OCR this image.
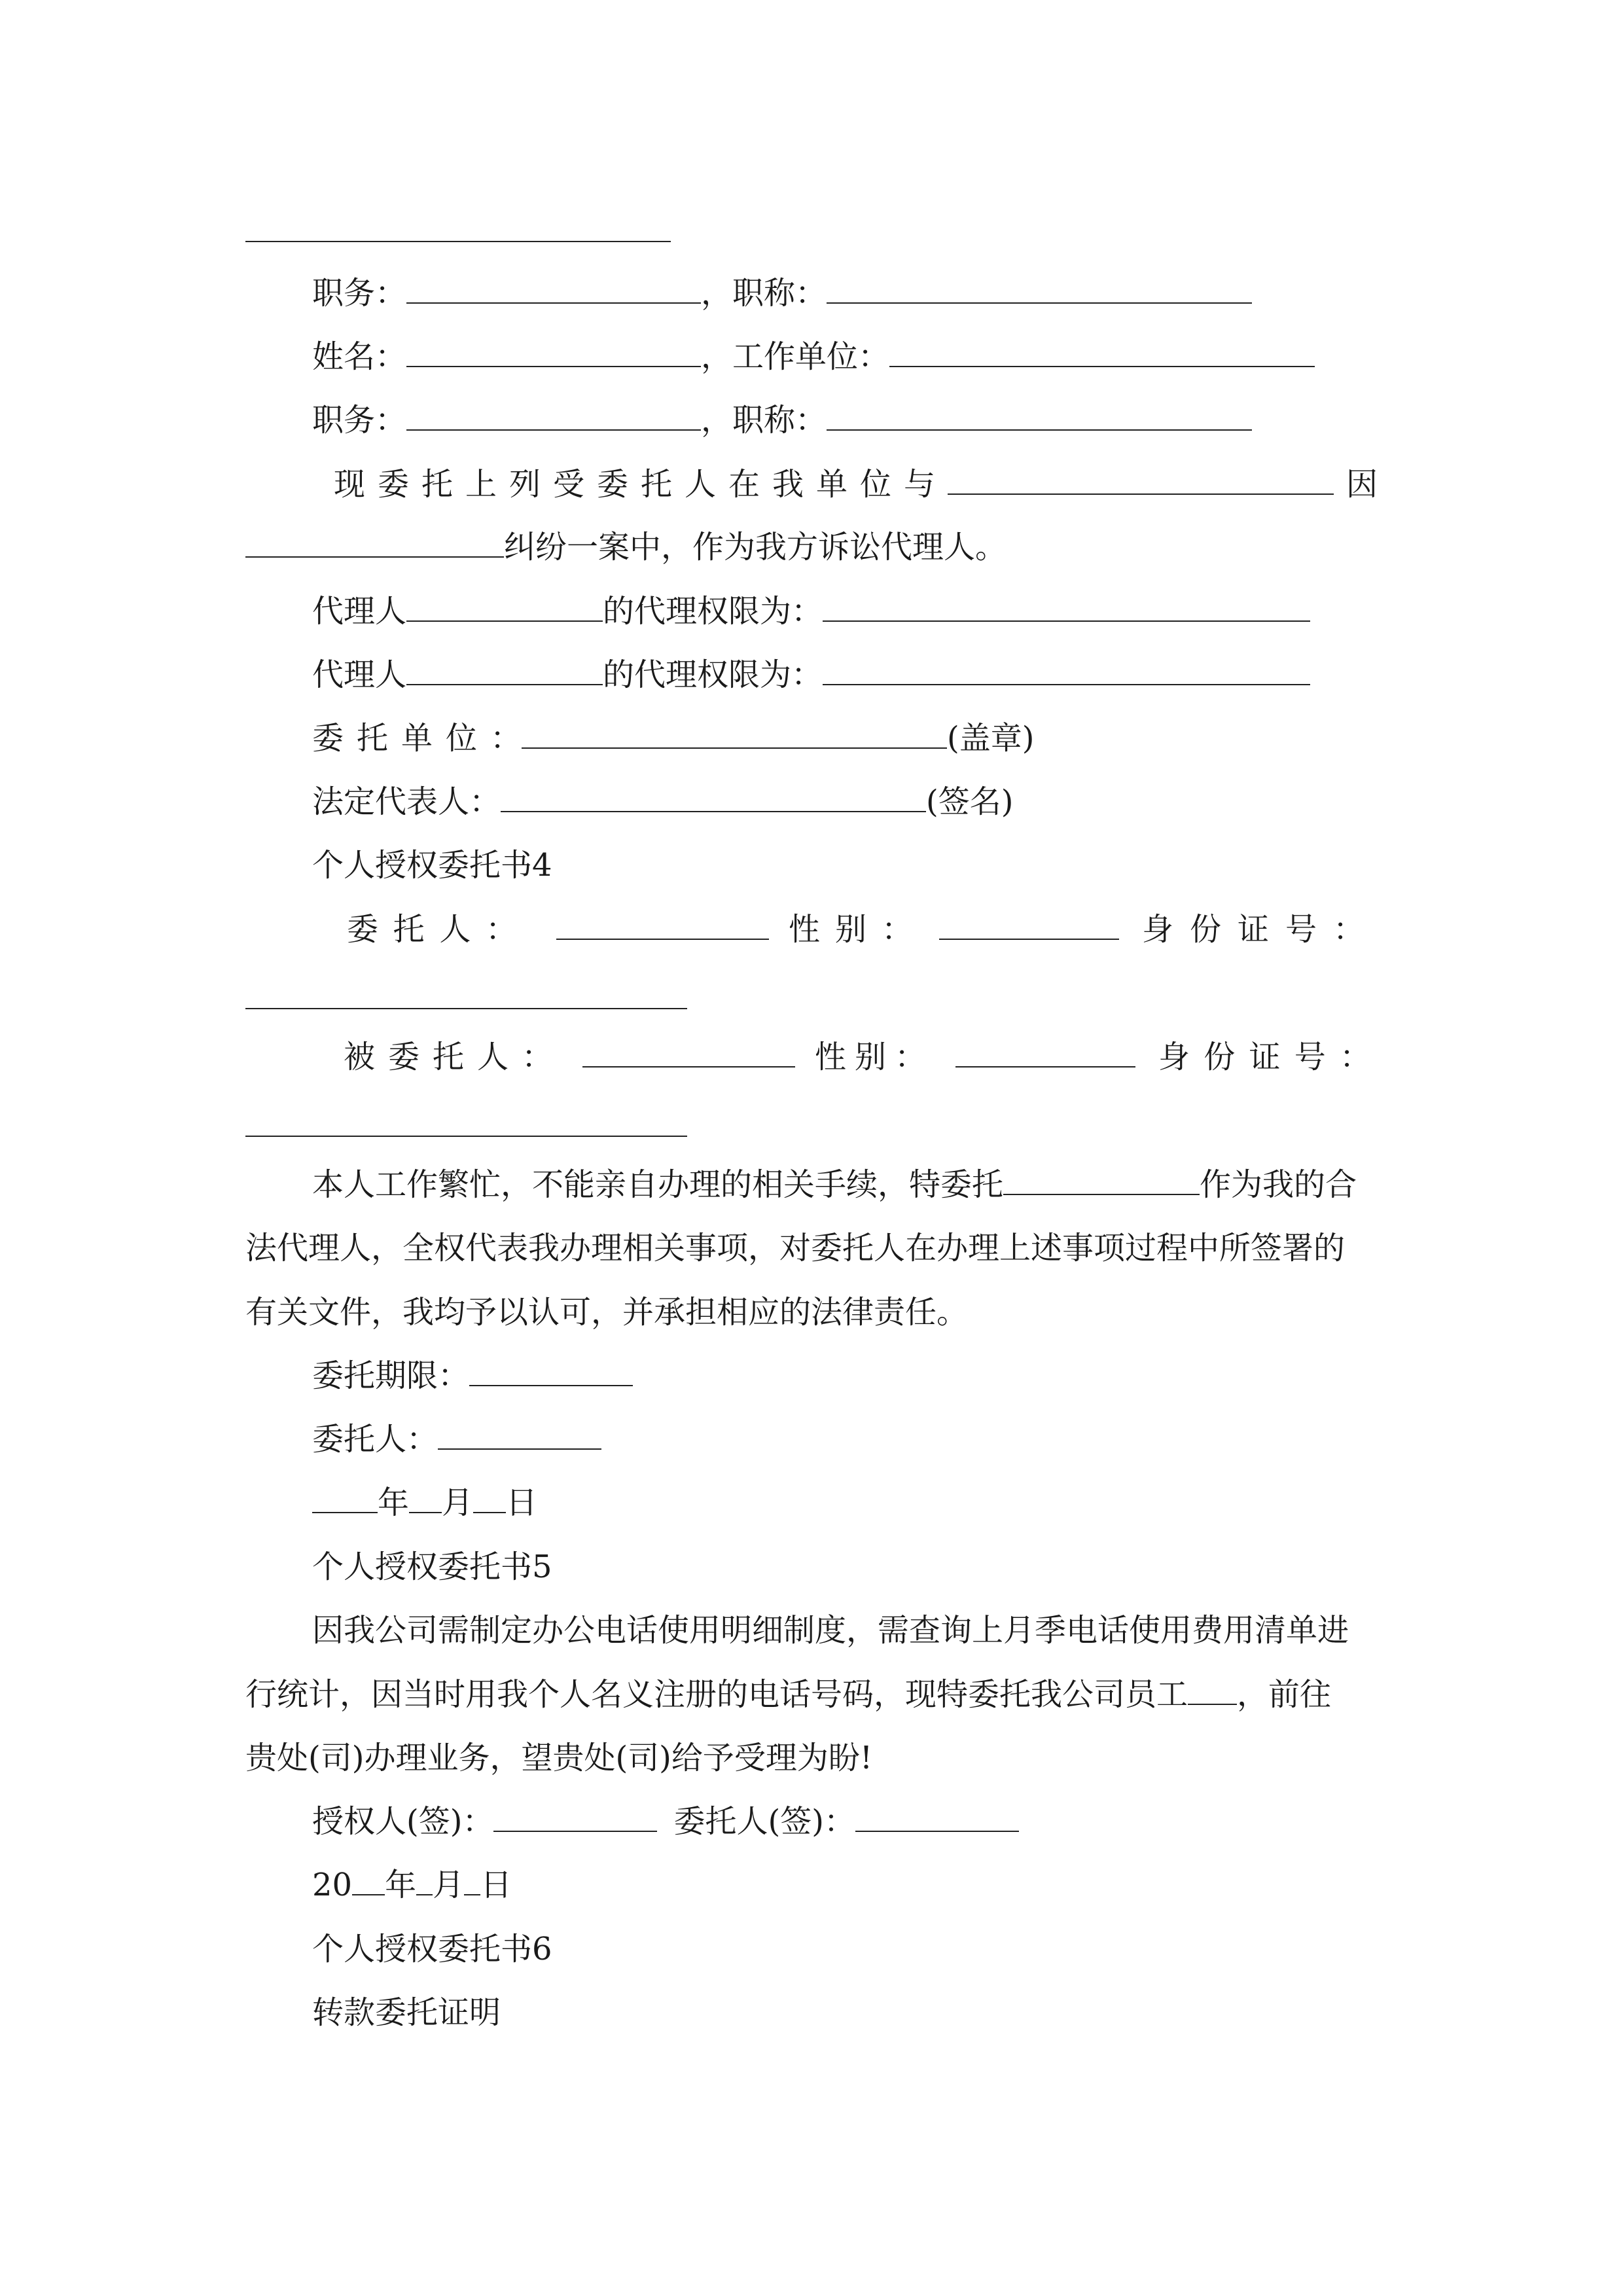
职务：	，职称：
姓名：	，工作单位：
职务：	，职称：
现 委 托 上 列 受 委 托 人 在 我 单 位 与	因
纠纷一案中，作为我方诉讼代理人。
代理人	的代理权限为：
代理人	的代理权限为：
委 托 单 位 ：	(盖章)
法定代表人：	(签名)
个人授权委托书4
委 托 人 ：	性 别 ：	身 份 证 号 ：
被 委 托 人 ：	性 别 ：	身 份 证 号 ：
本人工作繁忙，不能亲自办理的相关手续，特委托	作为我的合
法代理人，全权代表我办理相关事项，对委托人在办理上述事项过程中所签署的
有关文件，我均予以认可，并承担相应的法律责任。
委托期限：
委托人：
年 月 日
个人授权委托书5
因我公司需制定办公电话使用明细制度，需查询上月季电话使用费用清单进
行统计，因当时用我个人名义注册的电话号码，现特委托我公司员工 ，前往
贵处(司)办理业务，望贵处(司)给予受理为盼!
授权人(签)：	委托人(签)：
20 年 月 日
个人授权委托书6
转款委托证明
